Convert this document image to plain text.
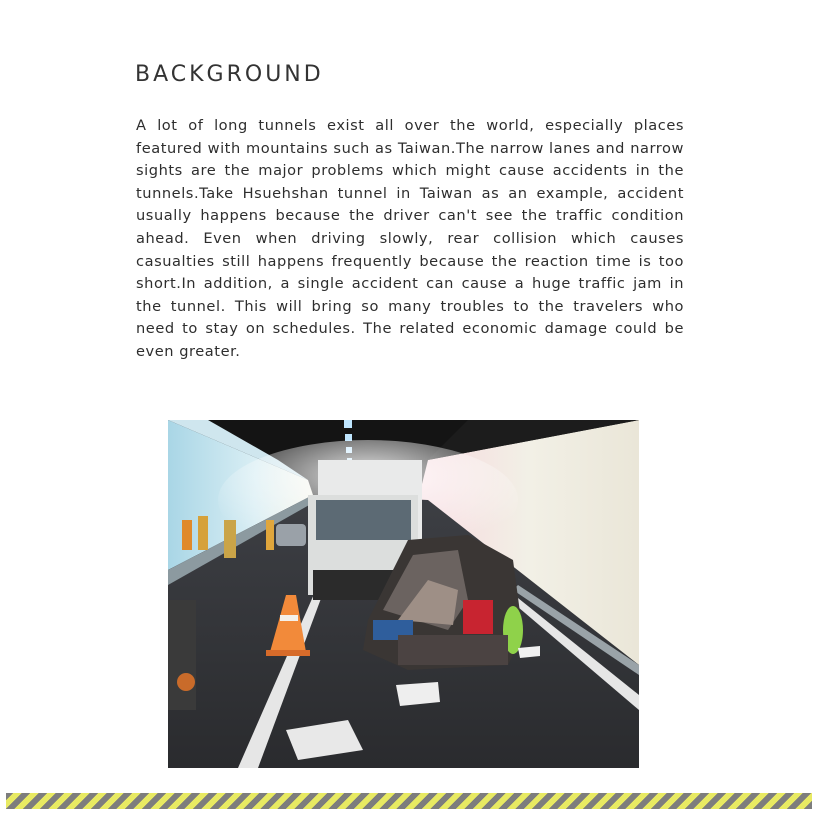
BACKGROUND

A lot of long tunnels exist all over the world, especially places featured with mountains such as Taiwan.The narrow lanes and narrow sights are the major problems which might cause accidents in the tunnels.Take Hsuehshan tunnel in Taiwan as an example, accident usually happens because the driver can't see the traffic condition ahead. Even when driving slowly, rear collision which causes casualties still happens frequently because the reaction time is too short.In addition, a single accident can cause a huge traffic jam in the tunnel. This will bring so many troubles to the travelers who need to stay on schedules. The related economic damage could be even greater.
